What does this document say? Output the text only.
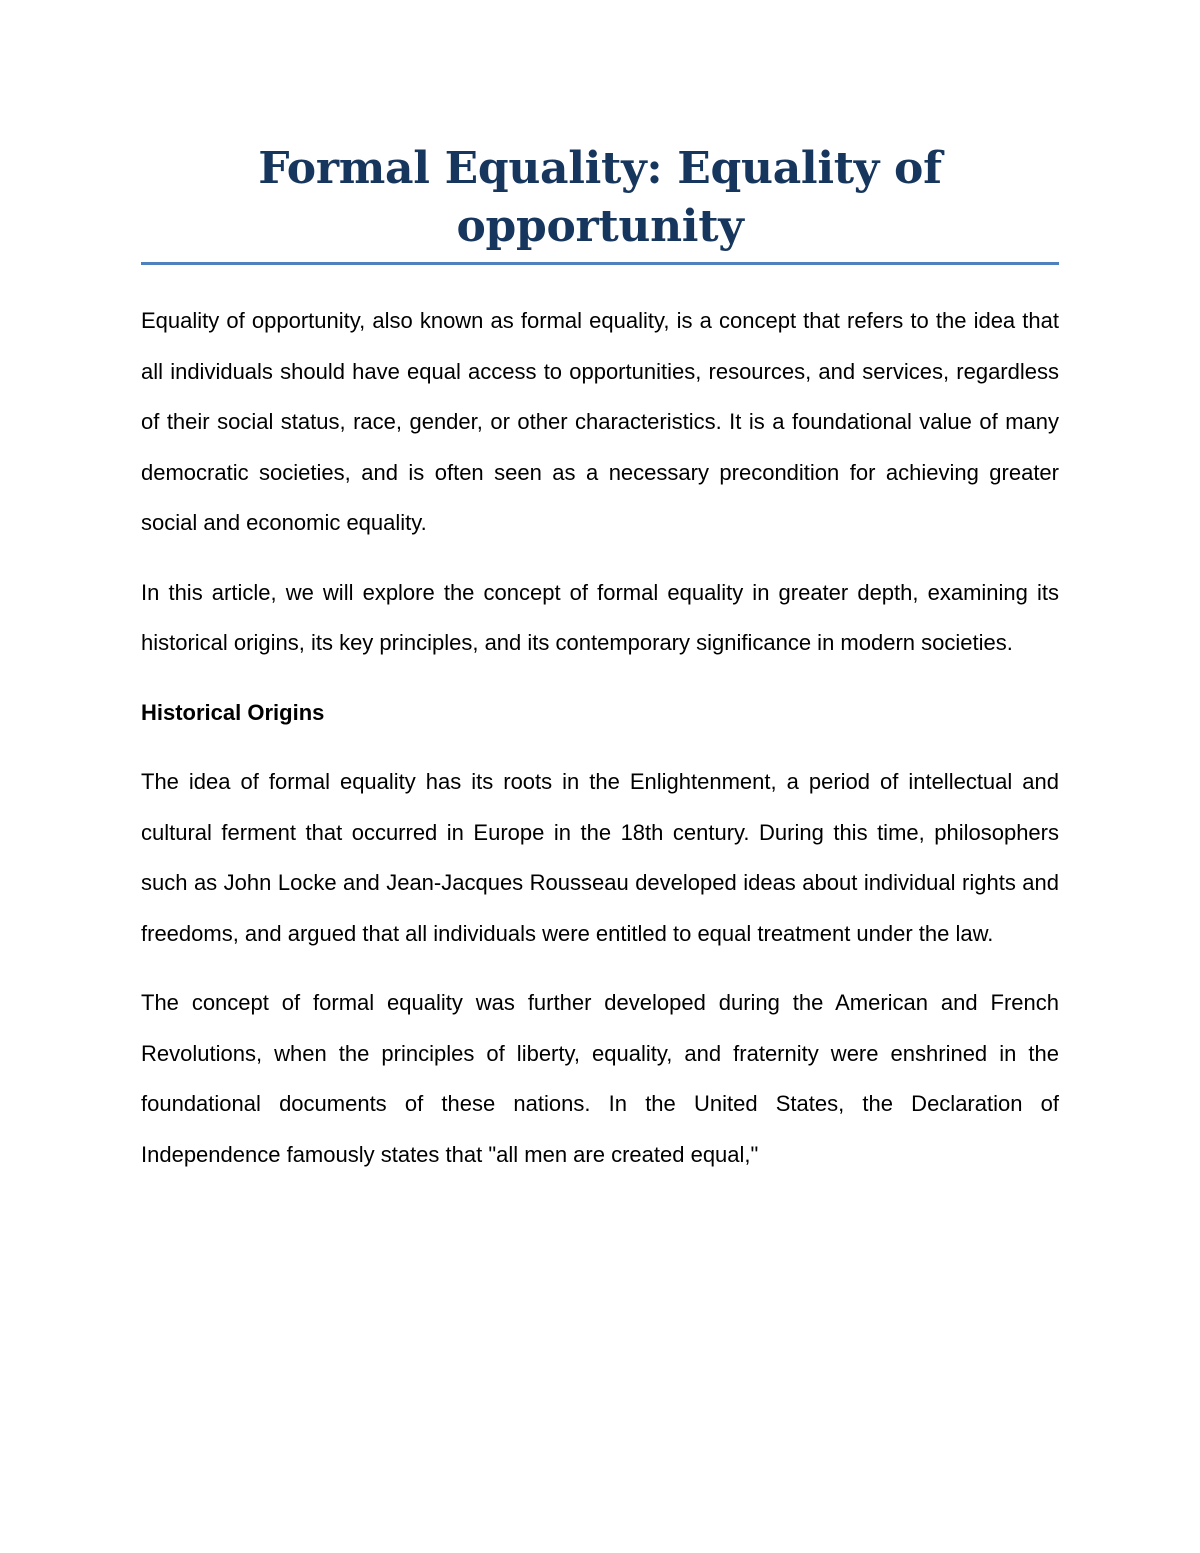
Formal Equality: Equality of opportunity

Equality of opportunity, also known as formal equality, is a concept that refers to the idea that all individuals should have equal access to opportunities, resources, and services, regardless of their social status, race, gender, or other characteristics. It is a foundational value of many democratic societies, and is often seen as a necessary precondition for achieving greater social and economic equality.

In this article, we will explore the concept of formal equality in greater depth, examining its historical origins, its key principles, and its contemporary significance in modern societies.

Historical Origins

The idea of formal equality has its roots in the Enlightenment, a period of intellectual and cultural ferment that occurred in Europe in the 18th century. During this time, philosophers such as John Locke and Jean-Jacques Rousseau developed ideas about individual rights and freedoms, and argued that all individuals were entitled to equal treatment under the law.

The concept of formal equality was further developed during the American and French Revolutions, when the principles of liberty, equality, and fraternity were enshrined in the foundational documents of these nations. In the United States, the Declaration of Independence famously states that "all men are created equal,"
